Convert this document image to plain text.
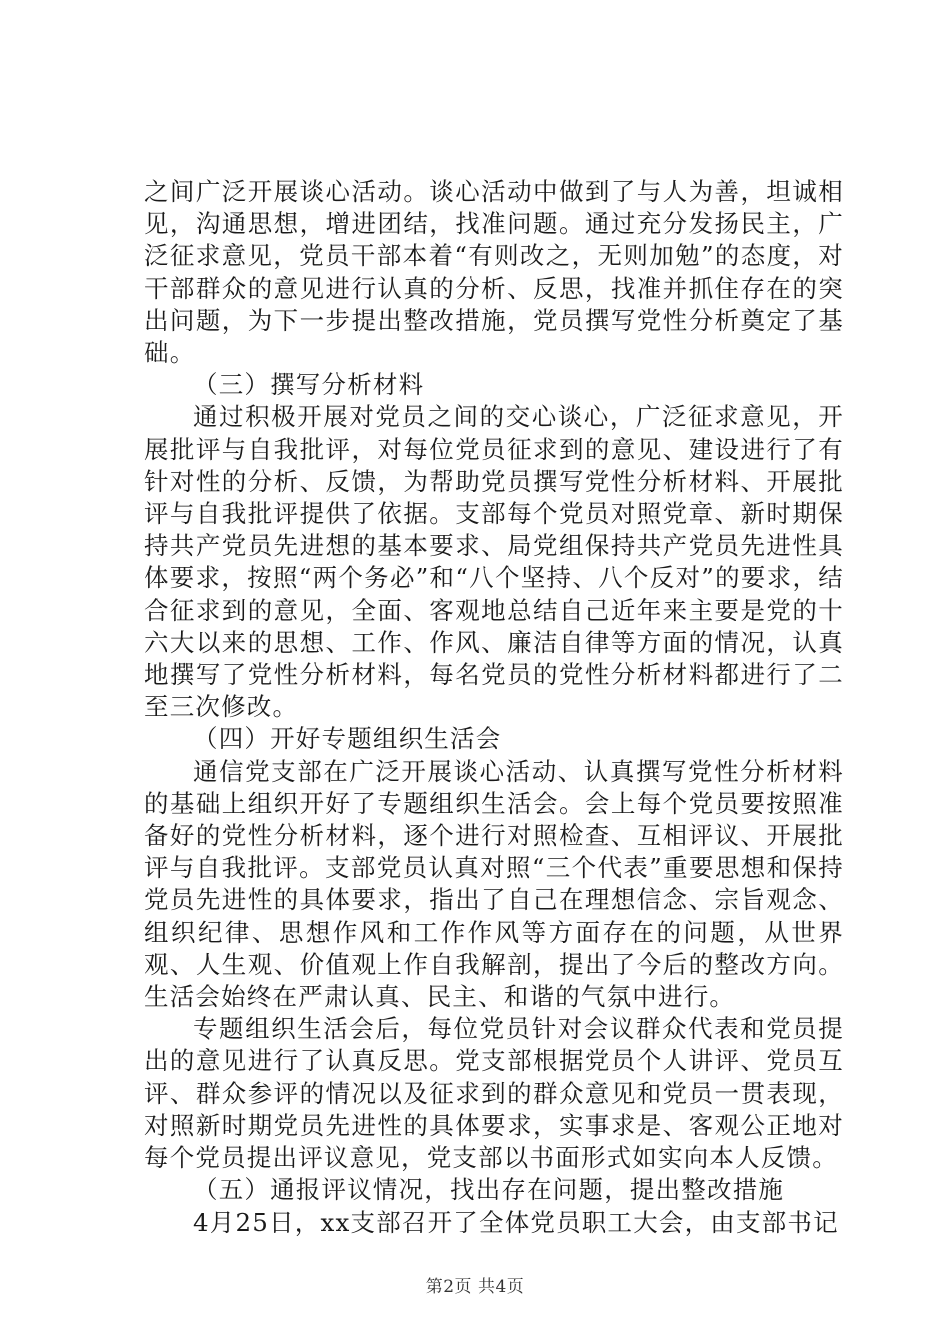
之间广泛开展谈心活动。谈心活动中做到了与人为善，坦诚相见，沟通思想，增进团结，找准问题。通过充分发扬民主，广泛征求意见，党员干部本着“有则改之，无则加勉”的态度，对干部群众的意见进行认真的分析、反思，找准并抓住存在的突出问题，为下一步提出整改措施，党员撰写党性分析奠定了基础。

（三）撰写分析材料

通过积极开展对党员之间的交心谈心，广泛征求意见，开展批评与自我批评，对每位党员征求到的意见、建设进行了有针对性的分析、反馈，为帮助党员撰写党性分析材料、开展批评与自我批评提供了依据。支部每个党员对照党章、新时期保持共产党员先进想的基本要求、局党组保持共产党员先进性具体要求，按照“两个务必”和“八个坚持、八个反对”的要求，结合征求到的意见，全面、客观地总结自己近年来主要是党的十六大以来的思想、工作、作风、廉洁自律等方面的情况，认真地撰写了党性分析材料，每名党员的党性分析材料都进行了二至三次修改。

（四）开好专题组织生活会

通信党支部在广泛开展谈心活动、认真撰写党性分析材料的基础上组织开好了专题组织生活会。会上每个党员要按照准备好的党性分析材料，逐个进行对照检查、互相评议、开展批评与自我批评。支部党员认真对照“三个代表”重要思想和保持党员先进性的具体要求，指出了自己在理想信念、宗旨观念、组织纪律、思想作风和工作作风等方面存在的问题，从世界观、人生观、价值观上作自我解剖，提出了今后的整改方向。生活会始终在严肃认真、民主、和谐的气氛中进行。

专题组织生活会后，每位党员针对会议群众代表和党员提出的意见进行了认真反思。党支部根据党员个人讲评、党员互评、群众参评的情况以及征求到的群众意见和党员一贯表现，对照新时期党员先进性的具体要求，实事求是、客观公正地对每个党员提出评议意见，党支部以书面形式如实向本人反馈。

（五）通报评议情况，找出存在问题，提出整改措施

4月25日，xx支部召开了全体党员职工大会，由支部书记

第2页 共4页
